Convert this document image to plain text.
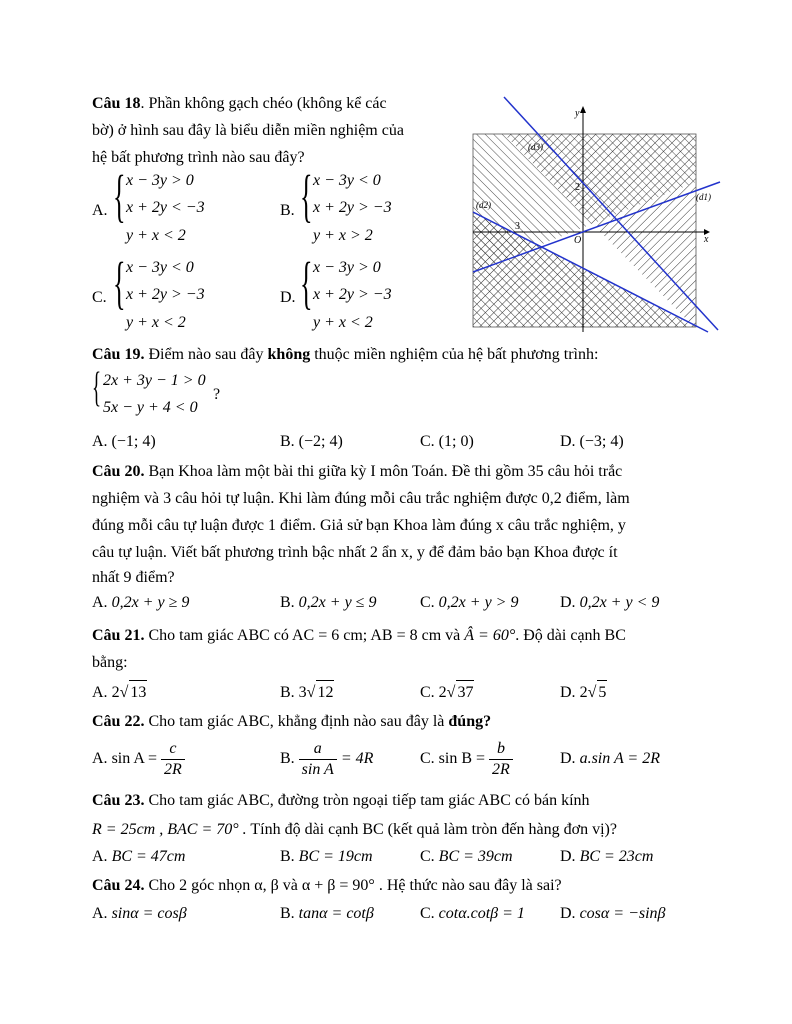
Câu 18. Phần không gạch chéo (không kể các
bờ) ở hình sau đây là biểu diễn miền nghiệm của
hệ bất phương trình nào sau đây?
A. { x − 3y > 0
x + 2y < −3
y + x < 2
B. { x − 3y < 0
x + 2y > −3
y + x > 2
C. { x − 3y < 0
x + 2y > −3
y + x < 2
D. { x − 3y > 0
x + 2y > −3
y + x < 2
y
x
O
2
3
(d3)
(d1)
(d2)
Câu 19. Điểm nào sau đây không thuộc miền nghiệm của hệ bất phương trình:
{ 2x + 3y − 1 > 0
5x − y + 4 < 0
?
A. (−1; 4)	B. (−2; 4)	C. (1; 0)	D. (−3; 4)
Câu 20. Bạn Khoa làm một bài thi giữa kỳ I môn Toán. Đề thi gồm 35 câu hỏi trắc
nghiệm và 3 câu hỏi tự luận. Khi làm đúng mỗi câu trắc nghiệm được 0,2 điểm, làm
đúng mỗi câu tự luận được 1 điểm. Giả sử bạn Khoa làm đúng x câu trắc nghiệm, y
câu tự luận. Viết bất phương trình bậc nhất 2 ẩn x, y để đảm bảo bạn Khoa được ít
nhất 9 điểm?
A. 0,2x + y ≥ 9	B. 0,2x + y ≤ 9	C. 0,2x + y > 9	D. 0,2x + y < 9
Câu 21. Cho tam giác ABC có AC = 6 cm; AB = 8 cm và Â = 60°. Độ dài cạnh BC
bằng:
A. 2√ 13	B. 3√ 12	C. 2√ 37	D. 2√ 5
Câu 22. Cho tam giác ABC, khẳng định nào sau đây là đúng?
A. $\sin A = \frac{c}{2R}$	B. $\frac{a}{\text{sin A}} = 4R$	C. $\sin B = \frac{b}{2R}$	D. a.sin A = 2R
Câu 23. Cho tam giác ABC, đường tròn ngoại tiếp tam giác ABC có bán kính
R = 25cm , BAC = 70° . Tính độ dài cạnh BC (kết quả làm tròn đến hàng đơn vị)?
A. BC = 47cm	B. BC = 19cm	C. BC = 39cm	D. BC = 23cm
Câu 24. Cho 2 góc nhọn α, β và α + β = 90° . Hệ thức nào sau đây là sai?
A. sinα = cosβ	B. tanα = cotβ	C. cotα.cotβ = 1 D. cosα = −sinβ
